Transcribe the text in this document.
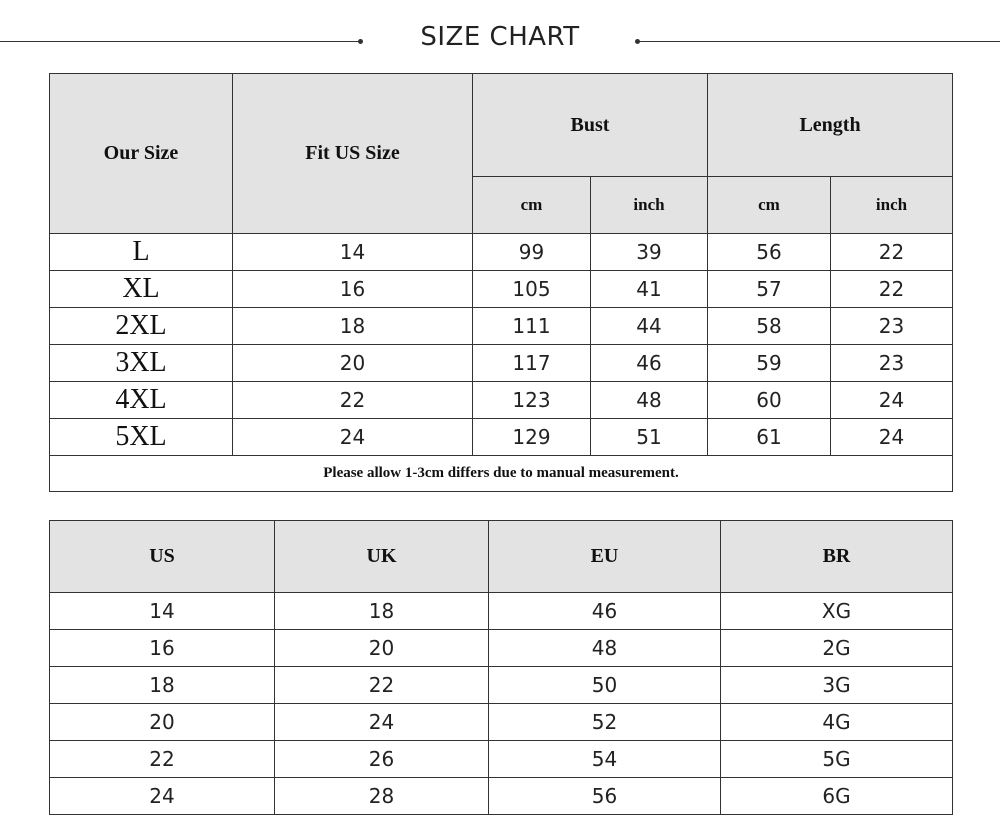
SIZE CHART
Our Size	Fit US Size	Bust		Length	
		cm	inch	cm	inch
L	14	99	39	56	22
XL	16	105	41	57	22
2XL	18	111	44	58	23
3XL	20	117	46	59	23
4XL	22	123	48	60	24
5XL	24	129	51	61	24
Please allow 1-3cm differs due to manual measurement.					
US	UK	EU	BR
14	18	46	XG
16	20	48	2G
18	22	50	3G
20	24	52	4G
22	26	54	5G
24	28	56	6G
